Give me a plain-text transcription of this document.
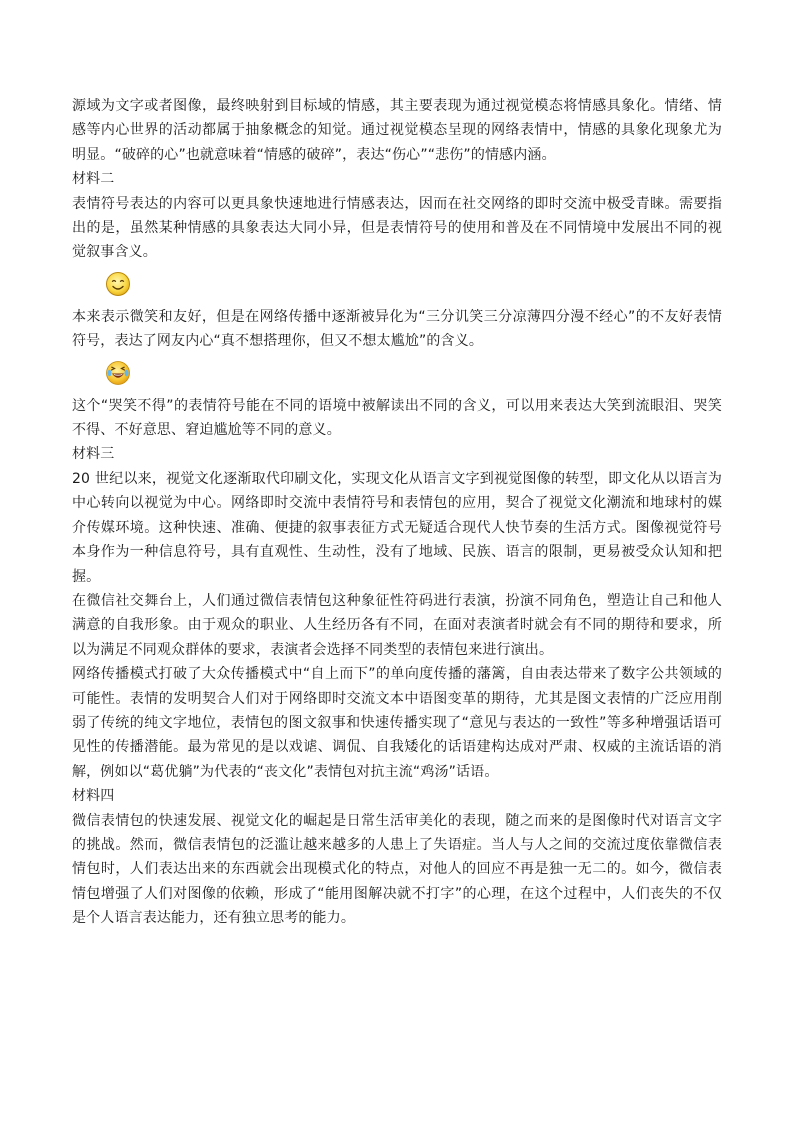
源域为文字或者图像，最终映射到目标域的情感，其主要表现为通过视觉模态将情感具象化。情绪、情感等内心世界的活动都属于抽象概念的知觉。通过视觉模态呈现的网络表情中，情感的具象化现象尤为明显。“破碎的心”也就意味着“情感的破碎”，表达“伤心”“悲伤”的情感内涵。

材料二

表情符号表达的内容可以更具象快速地进行情感表达，因而在社交网络的即时交流中极受青睐。需要指出的是，虽然某种情感的具象表达大同小异，但是表情符号的使用和普及在不同情境中发展出不同的视觉叙事含义。

本来表示微笑和友好，但是在网络传播中逐渐被异化为“三分讥笑三分凉薄四分漫不经心”的不友好表情符号，表达了网友内心“真不想搭理你，但又不想太尴尬”的含义。

这个“哭笑不得”的表情符号能在不同的语境中被解读出不同的含义，可以用来表达大笑到流眼泪、哭笑不得、不好意思、窘迫尴尬等不同的意义。

材料三

20 世纪以来，视觉文化逐渐取代印刷文化，实现文化从语言文字到视觉图像的转型，即文化从以语言为中心转向以视觉为中心。网络即时交流中表情符号和表情包的应用，契合了视觉文化潮流和地球村的媒介传媒环境。这种快速、准确、便捷的叙事表征方式无疑适合现代人快节奏的生活方式。图像视觉符号本身作为一种信息符号，具有直观性、生动性，没有了地域、民族、语言的限制，更易被受众认知和把握。

在微信社交舞台上，人们通过微信表情包这种象征性符码进行表演，扮演不同角色，塑造让自己和他人满意的自我形象。由于观众的职业、人生经历各有不同，在面对表演者时就会有不同的期待和要求，所以为满足不同观众群体的要求，表演者会选择不同类型的表情包来进行演出。

网络传播模式打破了大众传播模式中“自上而下”的单向度传播的藩篱，自由表达带来了数字公共领域的可能性。表情的发明契合人们对于网络即时交流文本中语图变革的期待，尤其是图文表情的广泛应用削弱了传统的纯文字地位，表情包的图文叙事和快速传播实现了“意见与表达的一致性”等多种增强话语可见性的传播潜能。最为常见的是以戏谑、调侃、自我矮化的话语建构达成对严肃、权威的主流话语的消解，例如以“葛优躺”为代表的“丧文化”表情包对抗主流“鸡汤”话语。

材料四

微信表情包的快速发展、视觉文化的崛起是日常生活审美化的表现，随之而来的是图像时代对语言文字的挑战。然而，微信表情包的泛滥让越来越多的人患上了失语症。当人与人之间的交流过度依靠微信表情包时，人们表达出来的东西就会出现模式化的特点，对他人的回应不再是独一无二的。如今，微信表情包增强了人们对图像的依赖，形成了“能用图解决就不打字”的心理，在这个过程中，人们丧失的不仅是个人语言表达能力，还有独立思考的能力。
